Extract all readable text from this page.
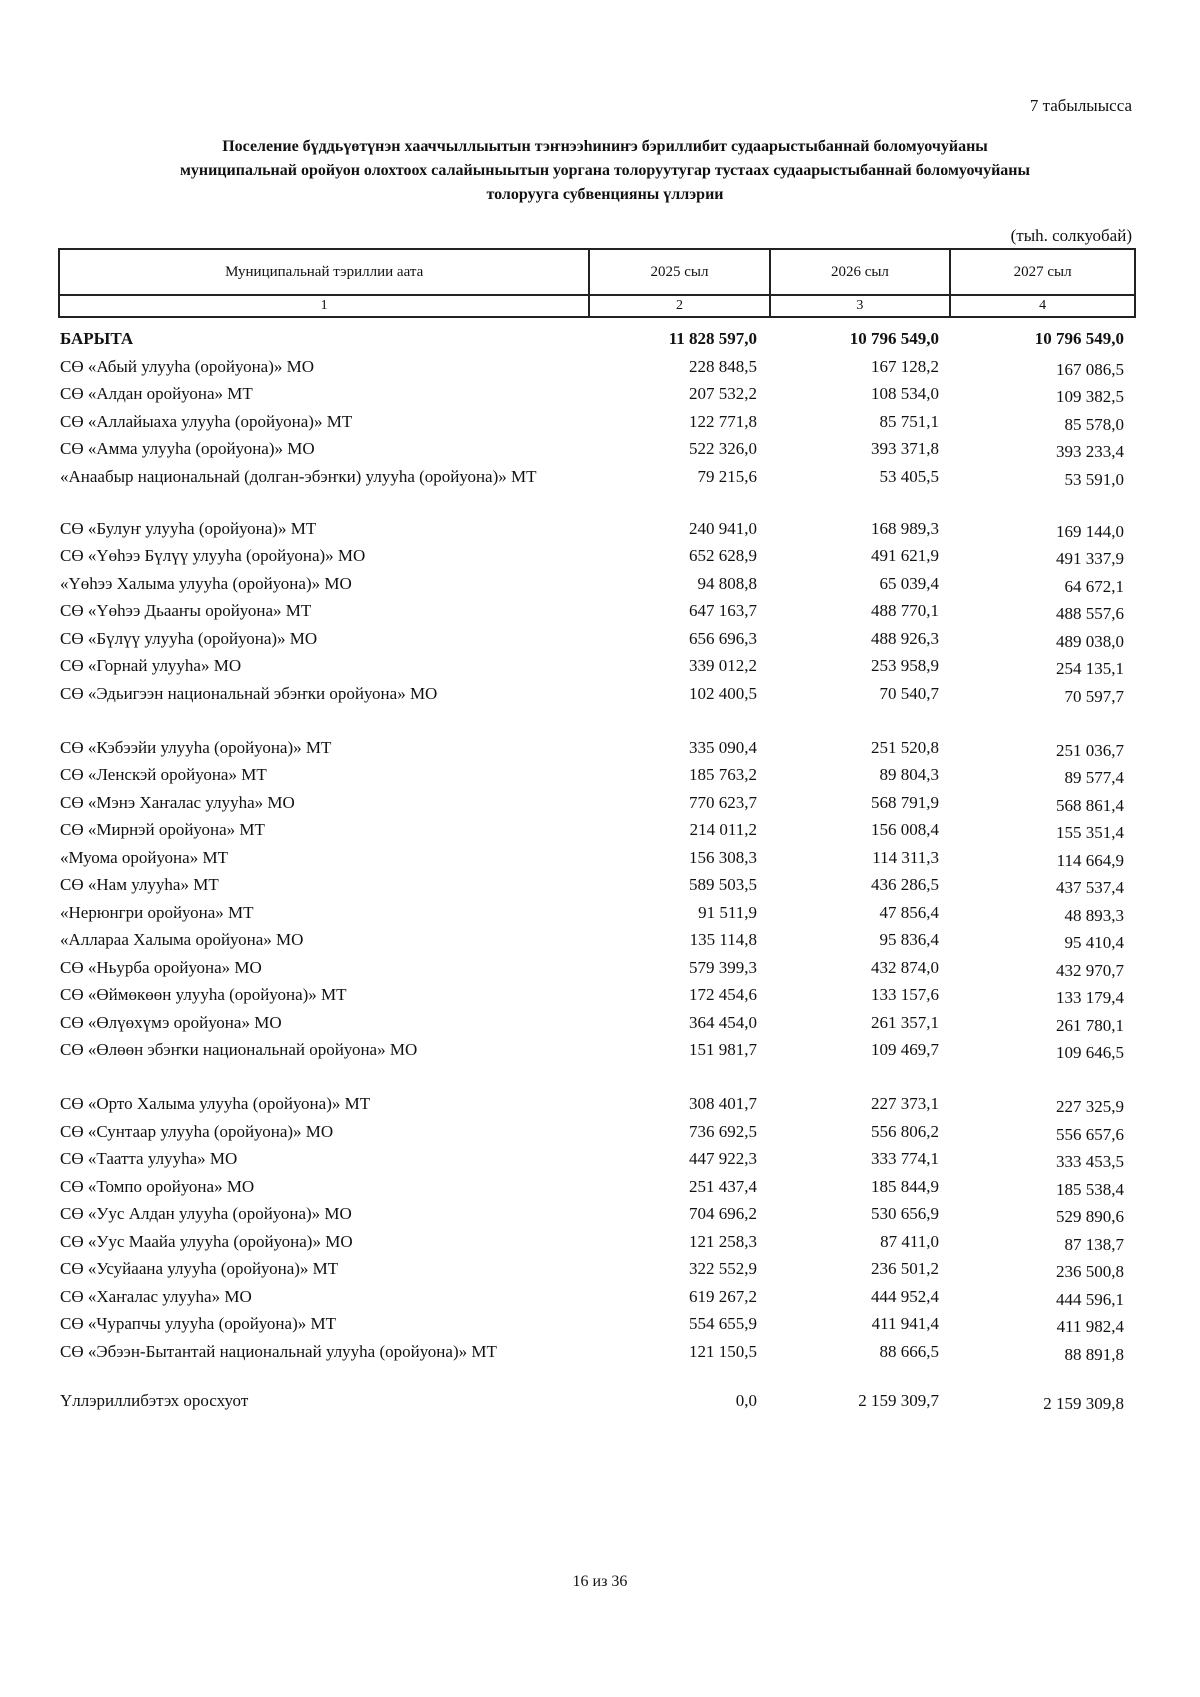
7 табылыысса
Поселение бүддьүөтүнэн хааччыллыытын тэҥнээһиниҥэ бэриллибит судаарыстыбаннай боломуочуйаны
муниципальнай оройуон олохтоох салайыныытын уоргана толоруутугар тустаах судаарыстыбаннай боломуочуйаны
толорууга субвенцияны үллэрии
(тыһ. солкуобай)
Муниципальнай тэриллии аата	2025 сыл	2026 сыл	2027 сыл
1	2	3	4
БАРЫТА	11 828 597,0	10 796 549,0	10 796 549,0
СӨ «Абый улууһа (оройуона)» МО	228 848,5	167 128,2	167 086,5
СӨ «Алдан оройуона» МТ	207 532,2	108 534,0	109 382,5
СӨ «Аллайыаха улууһа (оройуона)» МТ	122 771,8	85 751,1	85 578,0
СӨ «Амма улууһа (оройуона)» МО	522 326,0	393 371,8	393 233,4
«Анаабыр национальнай (долган-эбэҥки) улууһа (оройуона)» МТ	79 215,6	53 405,5	53 591,0
СӨ «Булуҥ улууһа (оройуона)» МТ	240 941,0	168 989,3	169 144,0
СӨ «Үөһээ Бүлүү улууһа (оройуона)» МО	652 628,9	491 621,9	491 337,9
«Үөһээ Халыма улууһа (оройуона)» МО	94 808,8	65 039,4	64 672,1
СӨ «Үөһээ Дьааҥы оройуона» МТ	647 163,7	488 770,1	488 557,6
СӨ «Бүлүү улууһа (оройуона)» МО	656 696,3	488 926,3	489 038,0
СӨ «Горнай улууһа» МО	339 012,2	253 958,9	254 135,1
СӨ «Эдьигээн национальнай эбэҥки оройуона» МО	102 400,5	70 540,7	70 597,7
СӨ «Кэбээйи улууһа (оройуона)» МТ	335 090,4	251 520,8	251 036,7
СӨ «Ленскэй оройуона» МТ	185 763,2	89 804,3	89 577,4
СӨ «Мэнэ Хаҥалас улууһа» МО	770 623,7	568 791,9	568 861,4
СӨ «Мирнэй оройуона» МТ	214 011,2	156 008,4	155 351,4
«Муома оройуона» МТ	156 308,3	114 311,3	114 664,9
СӨ «Нам улууһа» МТ	589 503,5	436 286,5	437 537,4
«Нерюнгри оройуона» МТ	91 511,9	47 856,4	48 893,3
«Аллараа Халыма оройуона» МО	135 114,8	95 836,4	95 410,4
СӨ «Ньурба оройуона» МО	579 399,3	432 874,0	432 970,7
СӨ «Өймөкөөн улууһа (оройуона)» МТ	172 454,6	133 157,6	133 179,4
СӨ «Өлүөхүмэ оройуона» МО	364 454,0	261 357,1	261 780,1
СӨ «Өлөөн эбэҥки национальнай оройуона» МО	151 981,7	109 469,7	109 646,5
СӨ «Орто Халыма улууһа (оройуона)» МТ	308 401,7	227 373,1	227 325,9
СӨ «Сунтаар улууһа (оройуона)» МО	736 692,5	556 806,2	556 657,6
СӨ «Таатта улууһа» МО	447 922,3	333 774,1	333 453,5
СӨ «Томпо оройуона» МО	251 437,4	185 844,9	185 538,4
СӨ «Уус Алдан улууһа (оройуона)» МО	704 696,2	530 656,9	529 890,6
СӨ «Уус Маайа улууһа (оройуона)» МО	121 258,3	87 411,0	87 138,7
СӨ «Усуйаана улууһа (оройуона)» МТ	322 552,9	236 501,2	236 500,8
СӨ «Хаҥалас улууһа» МО	619 267,2	444 952,4	444 596,1
СӨ «Чурапчы улууһа (оройуона)» МТ	554 655,9	411 941,4	411 982,4
СӨ «Эбээн-Бытантай национальнай улууһа (оройуона)» МТ	121 150,5	88 666,5	88 891,8
Үллэриллибэтэх оросхуот	0,0	2 159 309,7	2 159 309,8
16 из 36
